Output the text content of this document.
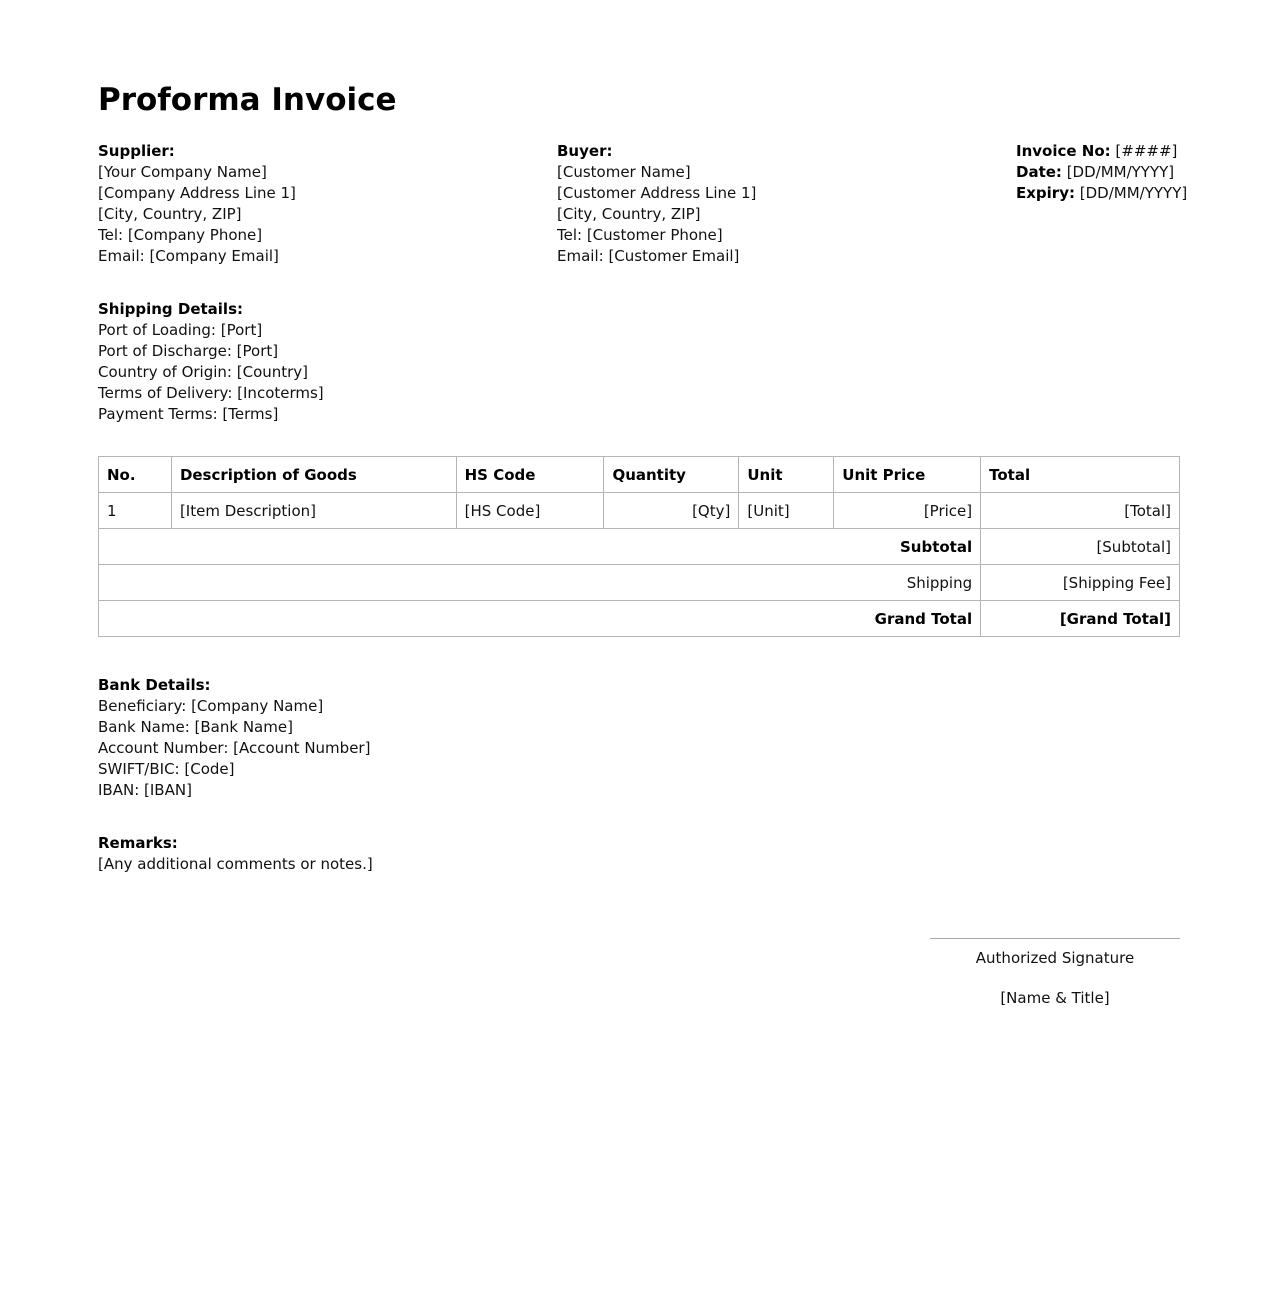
Proforma Invoice
Supplier:
[Your Company Name]
[Company Address Line 1]
[City, Country, ZIP]
Tel: [Company Phone]
Email: [Company Email]
Buyer:
[Customer Name]
[Customer Address Line 1]
[City, Country, ZIP]
Tel: [Customer Phone]
Email: [Customer Email]
Invoice No: [####]
Date: [DD/MM/YYYY]
Expiry: [DD/MM/YYYY]
Shipping Details:
Port of Loading: [Port]
Port of Discharge: [Port]
Country of Origin: [Country]
Terms of Delivery: [Incoterms]
Payment Terms: [Terms]
No.	Description of Goods	HS Code	Quantity	Unit	Unit Price	Total
1	[Item Description]	[HS Code]	[Qty]	[Unit]	[Price]	[Total]
Subtotal						[Subtotal]
Shipping						[Shipping Fee]
Grand Total						[Grand Total]
Bank Details:
Beneficiary: [Company Name]
Bank Name: [Bank Name]
Account Number: [Account Number]
SWIFT/BIC: [Code]
IBAN: [IBAN]
Remarks:
[Any additional comments or notes.]
Authorized Signature
[Name & Title]
